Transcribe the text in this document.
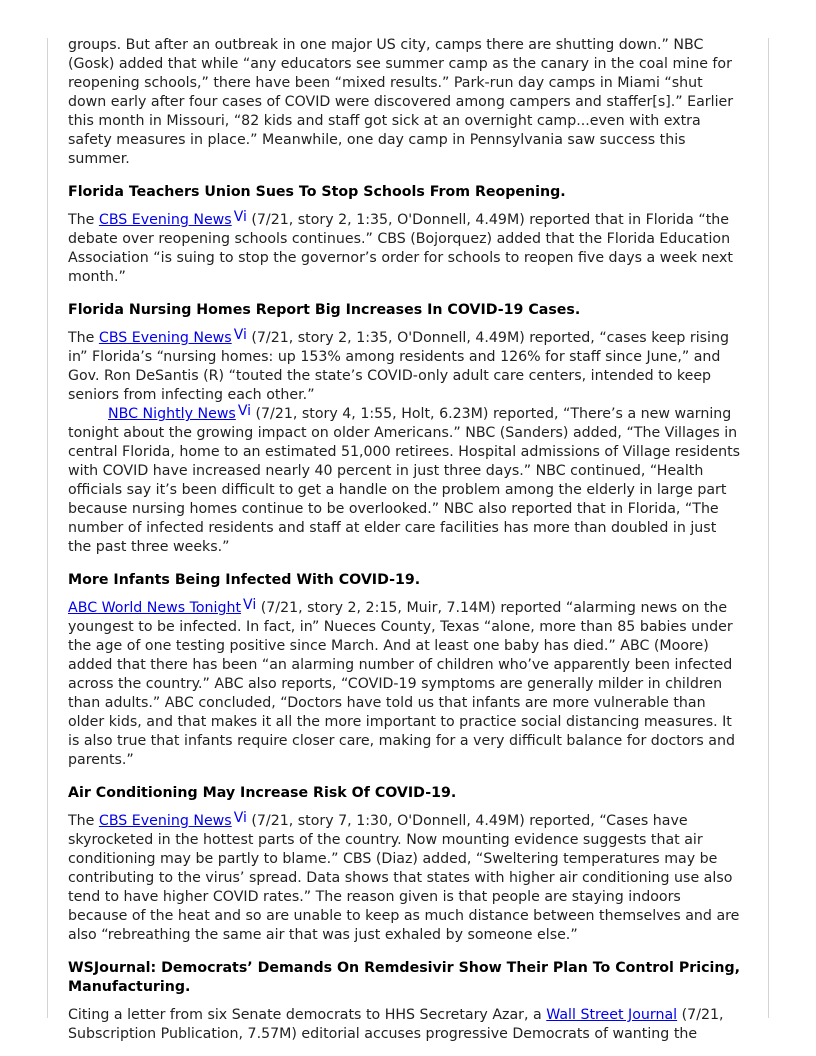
groups. But after an outbreak in one major US city, camps there are shutting down.” NBC (Gosk) added that while “any educators see summer camp as the canary in the coal mine for reopening schools,” there have been “mixed results.” Park-run day camps in Miami “shut down early after four cases of COVID were discovered among campers and staffer[s].” Earlier this month in Missouri, “82 kids and staff got sick at an overnight camp...even with extra safety measures in place.” Meanwhile, one day camp in Pennsylvania saw success this summer.

Florida Teachers Union Sues To Stop Schools From Reopening.

The CBS Evening News Vi (7/21, story 2, 1:35, O'Donnell, 4.49M) reported that in Florida “the debate over reopening schools continues.” CBS (Bojorquez) added that the Florida Education Association “is suing to stop the governor’s order for schools to reopen five days a week next month.”

Florida Nursing Homes Report Big Increases In COVID-19 Cases.

The CBS Evening News Vi (7/21, story 2, 1:35, O'Donnell, 4.49M) reported, “cases keep rising in” Florida’s “nursing homes: up 153% among residents and 126% for staff since June,” and Gov. Ron DeSantis (R) “touted the state’s COVID-only adult care centers, intended to keep seniors from infecting each other.”

NBC Nightly News Vi (7/21, story 4, 1:55, Holt, 6.23M) reported, “There’s a new warning tonight about the growing impact on older Americans.” NBC (Sanders) added, “The Villages in central Florida, home to an estimated 51,000 retirees. Hospital admissions of Village residents with COVID have increased nearly 40 percent in just three days.” NBC continued, “Health officials say it’s been difficult to get a handle on the problem among the elderly in large part because nursing homes continue to be overlooked.” NBC also reported that in Florida, “The number of infected residents and staff at elder care facilities has more than doubled in just the past three weeks.”

More Infants Being Infected With COVID-19.

ABC World News Tonight Vi (7/21, story 2, 2:15, Muir, 7.14M) reported “alarming news on the youngest to be infected. In fact, in” Nueces County, Texas “alone, more than 85 babies under the age of one testing positive since March. And at least one baby has died.” ABC (Moore) added that there has been “an alarming number of children who’ve apparently been infected across the country.” ABC also reports, “COVID-19 symptoms are generally milder in children than adults.” ABC concluded, “Doctors have told us that infants are more vulnerable than older kids, and that makes it all the more important to practice social distancing measures. It is also true that infants require closer care, making for a very difficult balance for doctors and parents.”

Air Conditioning May Increase Risk Of COVID-19.

The CBS Evening News Vi (7/21, story 7, 1:30, O'Donnell, 4.49M) reported, “Cases have skyrocketed in the hottest parts of the country. Now mounting evidence suggests that air conditioning may be partly to blame.” CBS (Diaz) added, “Sweltering temperatures may be contributing to the virus’ spread. Data shows that states with higher air conditioning use also tend to have higher COVID rates.” The reason given is that people are staying indoors because of the heat and so are unable to keep as much distance between themselves and are also “rebreathing the same air that was just exhaled by someone else.”

WSJournal: Democrats’ Demands On Remdesivir Show Their Plan To Control Pricing, Manufacturing.

Citing a letter from six Senate democrats to HHS Secretary Azar, a Wall Street Journal (7/21, Subscription Publication, 7.57M) editorial accuses progressive Democrats of wanting the
